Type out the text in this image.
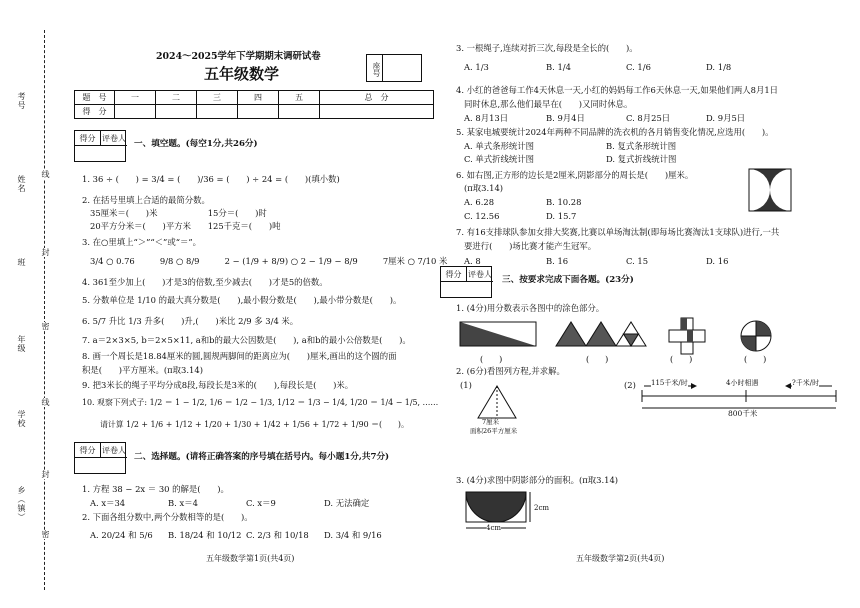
考号
姓名
班
年级
学校
乡（镇）
线
封
密
线
封
密
2024～2025学年下学期期末调研试卷
五年级数学	座号
题　号	一	二	三	四	五	总　分
得　分						
得分 评卷人
一、填空题。(每空1分,共26分)
1. 36 ÷ (　　) = 3/4 = (　　)/36 = (　　) ÷ 24 = (　　)(填小数)
2. 在括号里填上合适的最简分数。
35厘米＝(　　)米　　　　　　15分＝(　　)时
20平方分米＝(　　)平方米　　125千克＝(　　)吨
3. 在○里填上“＞”“＜”或“＝”。
3/4 ○ 0.76　　　9/8 ○ 8/9　　　2 − (1/9 + 8/9) ○ 2 − 1/9 − 8/9　　　7厘米 ○ 7/10 米
4. 361至少加上(　　)才是3的倍数,至少减去(　　)才是5的倍数。
5. 分数单位是 1/10 的最大真分数是(　　),最小假分数是(　　),最小带分数是(　　)。
6. 5/7 升比 1/3 升多(　　)升,(　　)米比 2/9 多 3/4 米。
7. a＝2×3×5, b＝2×5×11, a和b的最大公因数是(　　), a和b的最小公倍数是(　　)。
8. 画一个周长是18.84厘米的圆,圆规两脚间的距离应为(　　)厘米,画出的这个圆的面
积是(　　)平方厘米。(π取3.14)
9. 把3米长的绳子平均分成8段,每段长是3米的(　　),每段长是(　　)米。
10. 观察下列式子: 1/2 ＝ 1 − 1/2, 1/6 ＝ 1/2 − 1/3, 1/12 ＝ 1/3 − 1/4, 1/20 ＝ 1/4 − 1/5, ……
请计算 1/2 + 1/6 + 1/12 + 1/20 + 1/30 + 1/42 + 1/56 + 1/72 + 1/90 ＝(　　)。
得分 评卷人
二、选择题。(请将正确答案的序号填在括号内。每小题1分,共7分)
1. 方程 38 − 2x ＝ 30 的解是(　　)。
A. x＝34	B. x＝4	C. x＝9	D. 无法确定
2. 下面各组分数中,两个分数相等的是(　　)。
A. 20/24 和 5/6 B. 18/24 和 10/12 C. 2/3 和 10/18 D. 3/4 和 9/16
五年级数学第1页(共4页)
3. 一根绳子,连续对折三次,每段是全长的(　　)。
A. 1/3	B. 1/4	C. 1/6	D. 1/8
4. 小红的爸爸每工作4天休息一天,小红的妈妈每工作6天休息一天,如果他们两人8月1日
同时休息,那么他们最早在(　　)又同时休息。
A. 8月13日	B. 9月4日	C. 8月25日	D. 9月5日
5. 某家电城要统计2024年两种不同品牌的洗衣机的各月销售变化情况,应选用(　　)。
A. 单式条形统计图	B. 复式条形统计图
C. 单式折线统计图	D. 复式折线统计图
6. 如右图,正方形的边长是2厘米,阴影部分的周长是(　　)厘米。
(π取3.14)
A. 6.28	B. 10.28
C. 12.56	D. 15.7
7. 有16支排球队参加女排大奖赛,比赛以单场淘汰制(即每场比赛淘汰1支球队)进行,一共
要进行(　　)场比赛才能产生冠军。
A. 8	B. 16	C. 15	D. 16
得分 评卷人
三、按要求完成下面各题。(23分)
1. (4分)用分数表示各图中的涂色部分。
(　　)	(　　)	(　　)	(　　)
2. (6分)看图列方程,并求解。
(1)
7厘米
面积26平方厘米
(2) 115千米/时	4小时相遇	?千米/时
800千米
3. (4分)求图中阴影部分的面积。(π取3.14)
4cm
2cm
五年级数学第2页(共4页)
